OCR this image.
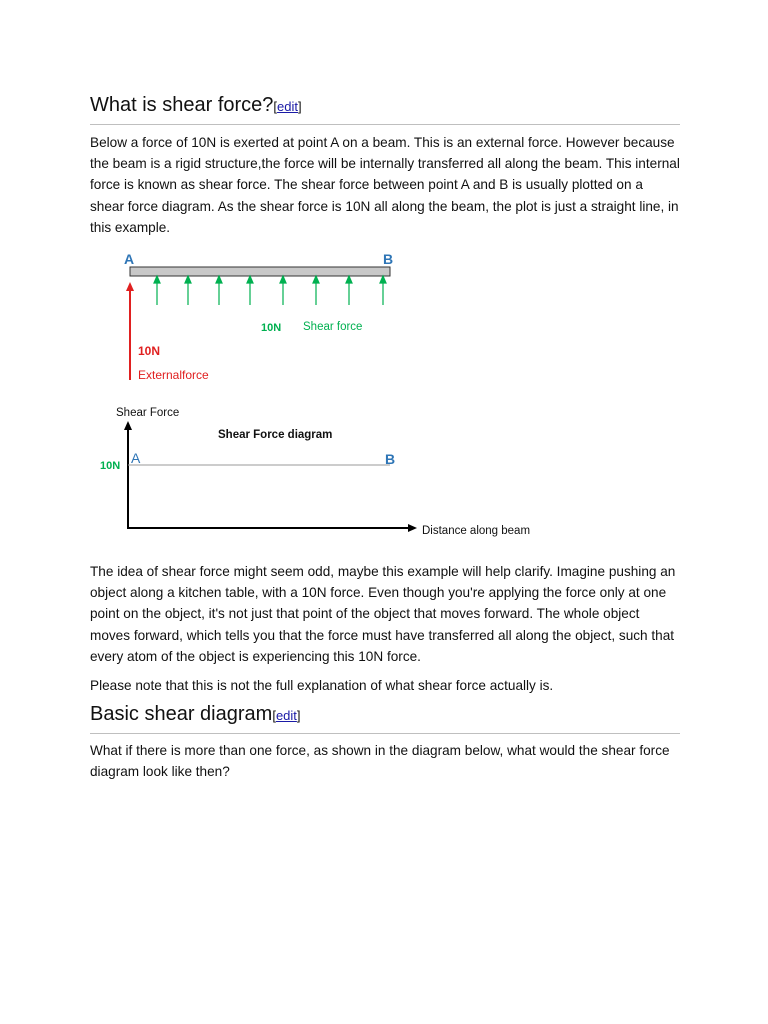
What is shear force?[edit]

Below a force of 10N is exerted at point A on a beam. This is an external force. However because the beam is a rigid structure,the force will be internally transferred all along the beam. This internal force is known as shear force. The shear force between point A and B is usually plotted on a shear force diagram. As the shear force is 10N all along the beam, the plot is just a straight line, in this example.

A	B
10N Shear force
10N
Externalforce
Shear Force
Shear Force diagram
10N A	B
Distance along beam

The idea of shear force might seem odd, maybe this example will help clarify. Imagine pushing an object along a kitchen table, with a 10N force. Even though you're applying the force only at one point on the object, it's not just that point of the object that moves forward. The whole object moves forward, which tells you that the force must have transferred all along the object, such that every atom of the object is experiencing this 10N force.

Please note that this is not the full explanation of what shear force actually is.

Basic shear diagram[edit]

What if there is more than one force, as shown in the diagram below, what would the shear force diagram look like then?
